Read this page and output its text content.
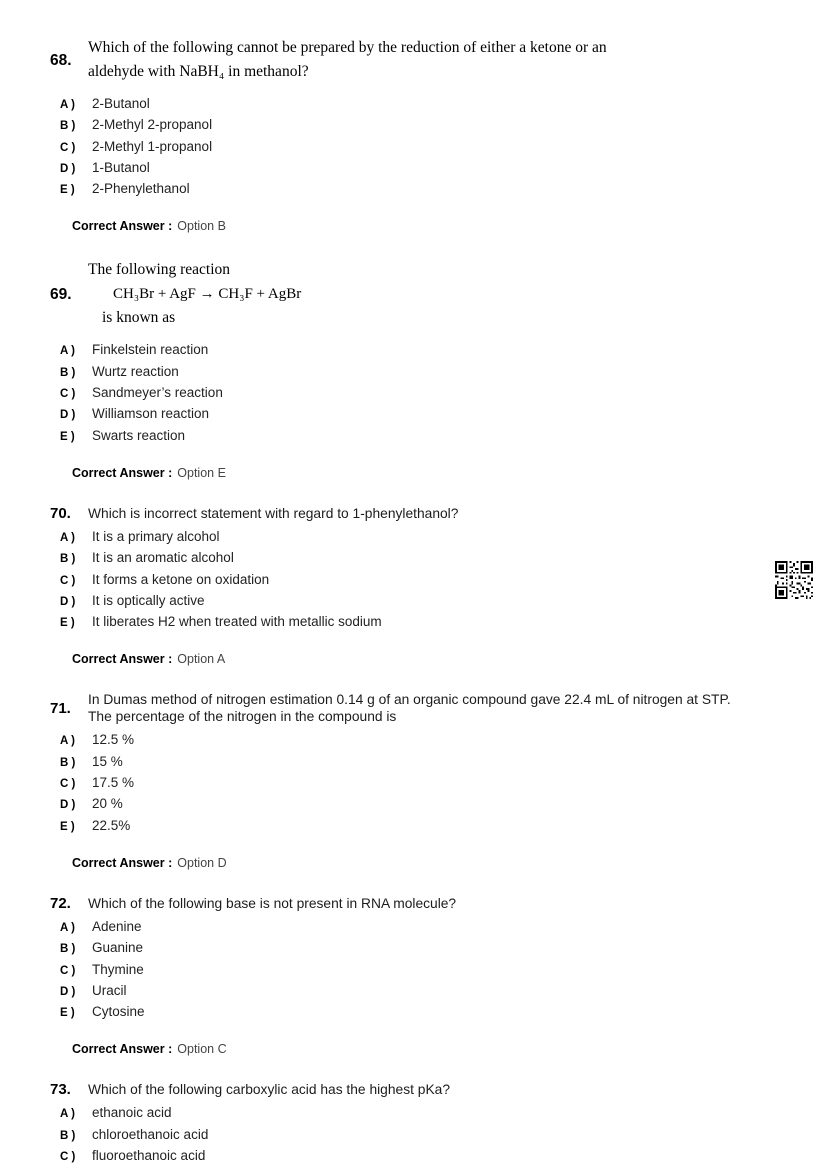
68.
Which of the following cannot be prepared by the reduction of either a ketone or an
aldehyde with NaBH₄ in methanol?
A )	2-Butanol
B )	2-Methyl 2-propanol
C )	2-Methyl 1-propanol
D )	1-Butanol
E )	2-Phenylethanol
Correct Answer : Option B
69.
The following reaction
CH₃Br + AgF → CH₃F + AgBr
is known as
A )	Finkelstein reaction
B )	Wurtz reaction
C )	Sandmeyer’s reaction
D )	Williamson reaction
E )	Swarts reaction
Correct Answer : Option E
70.	Which is incorrect statement with regard to 1-phenylethanol?
A )	It is a primary alcohol
B )	It is an aromatic alcohol
C )	It forms a ketone on oxidation
D )	It is optically active
E )	It liberates H2 when treated with metallic sodium
Correct Answer : Option A
71.	In Dumas method of nitrogen estimation 0.14 g of an organic compound gave 22.4 mL of nitrogen at STP.
The percentage of the nitrogen in the compound is
A )	12.5 %
B )	15 %
C )	17.5 %
D )	20 %
E )	22.5%
Correct Answer : Option D
72.	Which of the following base is not present in RNA molecule?
A )	Adenine
B )	Guanine
C )	Thymine
D )	Uracil
E )	Cytosine
Correct Answer : Option C
73.	Which of the following carboxylic acid has the highest pKa?
A )	ethanoic acid
B )	chloroethanoic acid
C )	fluoroethanoic acid
